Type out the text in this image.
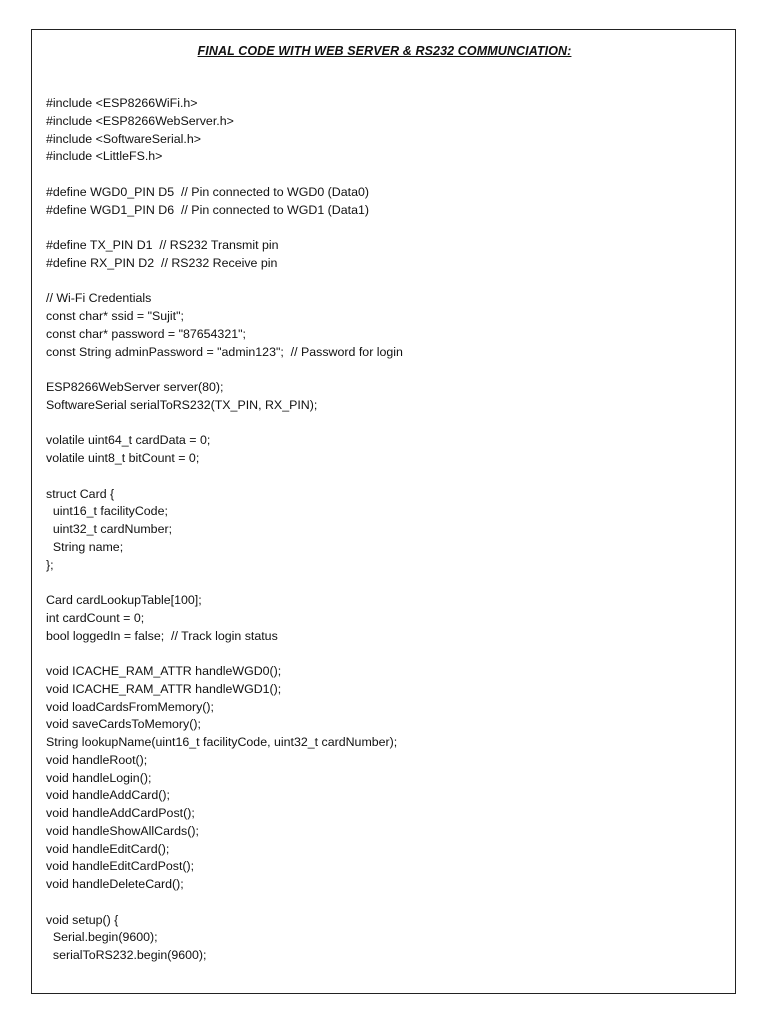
FINAL CODE WITH WEB SERVER & RS232 COMMUNCIATION:
#include <ESP8266WiFi.h>
#include <ESP8266WebServer.h>
#include <SoftwareSerial.h>
#include <LittleFS.h>
#define WGD0_PIN D5  // Pin connected to WGD0 (Data0)
#define WGD1_PIN D6  // Pin connected to WGD1 (Data1)
#define TX_PIN D1  // RS232 Transmit pin
#define RX_PIN D2  // RS232 Receive pin
// Wi-Fi Credentials
const char* ssid = "Sujit";
const char* password = "87654321";
const String adminPassword = "admin123";  // Password for login
ESP8266WebServer server(80);
SoftwareSerial serialToRS232(TX_PIN, RX_PIN);
volatile uint64_t cardData = 0;
volatile uint8_t bitCount = 0;
struct Card {
uint16_t facilityCode;
uint32_t cardNumber;
String name;
};
Card cardLookupTable[100];
int cardCount = 0;
bool loggedIn = false;  // Track login status
void ICACHE_RAM_ATTR handleWGD0();
void ICACHE_RAM_ATTR handleWGD1();
void loadCardsFromMemory();
void saveCardsToMemory();
String lookupName(uint16_t facilityCode, uint32_t cardNumber);
void handleRoot();
void handleLogin();
void handleAddCard();
void handleAddCardPost();
void handleShowAllCards();
void handleEditCard();
void handleEditCardPost();
void handleDeleteCard();
void setup() {
Serial.begin(9600);
serialToRS232.begin(9600);
